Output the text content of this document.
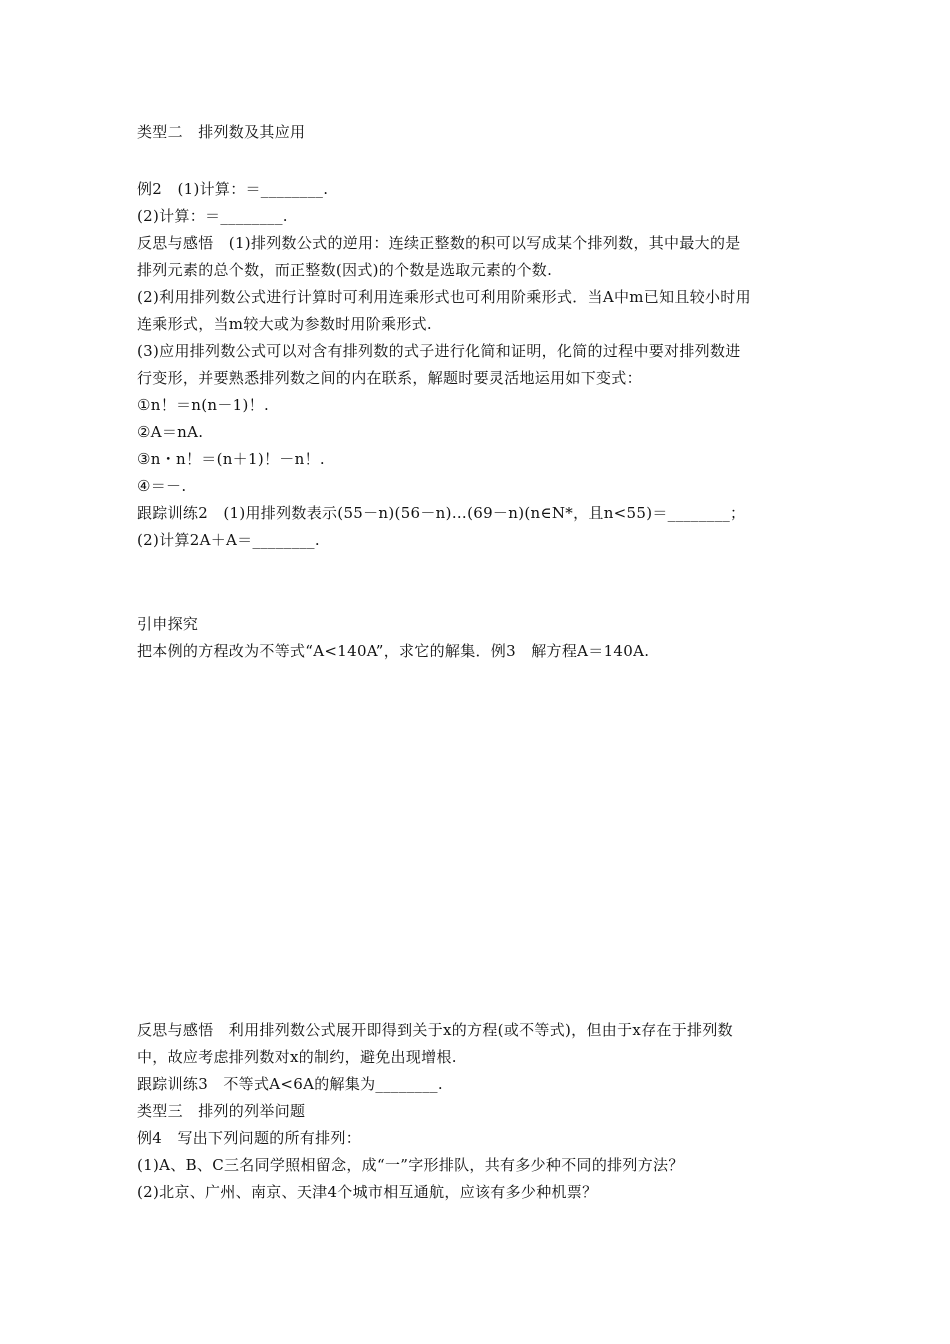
类型二　排列数及其应用
例2　(1)计算：＝________.
(2)计算：＝________.
反思与感悟　(1)排列数公式的逆用：连续正整数的积可以写成某个排列数，其中最大的是
排列元素的总个数，而正整数(因式)的个数是选取元素的个数.
(2)利用排列数公式进行计算时可利用连乘形式也可利用阶乘形式．当A中m已知且较小时用
连乘形式，当m较大或为参数时用阶乘形式.
(3)应用排列数公式可以对含有排列数的式子进行化简和证明，化简的过程中要对排列数进
行变形，并要熟悉排列数之间的内在联系，解题时要灵活地运用如下变式：
①n！＝n(n－1)！.
②A＝nA.
③n・n！＝(n＋1)！－n！.
④＝－.
跟踪训练2　(1)用排列数表示(55－n)(56－n)…(69－n)(n∈N*，且n<55)＝________；
(2)计算2A＋A＝________.
引申探究
把本例的方程改为不等式“A<140A”，求它的解集．例3　解方程A＝140A.
反思与感悟　利用排列数公式展开即得到关于x的方程(或不等式)，但由于x存在于排列数
中，故应考虑排列数对x的制约，避免出现增根.
跟踪训练3　不等式A<6A的解集为________.
类型三　排列的列举问题
例4　写出下列问题的所有排列：
(1)A、B、C三名同学照相留念，成“一”字形排队，共有多少种不同的排列方法？
(2)北京、广州、南京、天津4个城市相互通航，应该有多少种机票？
